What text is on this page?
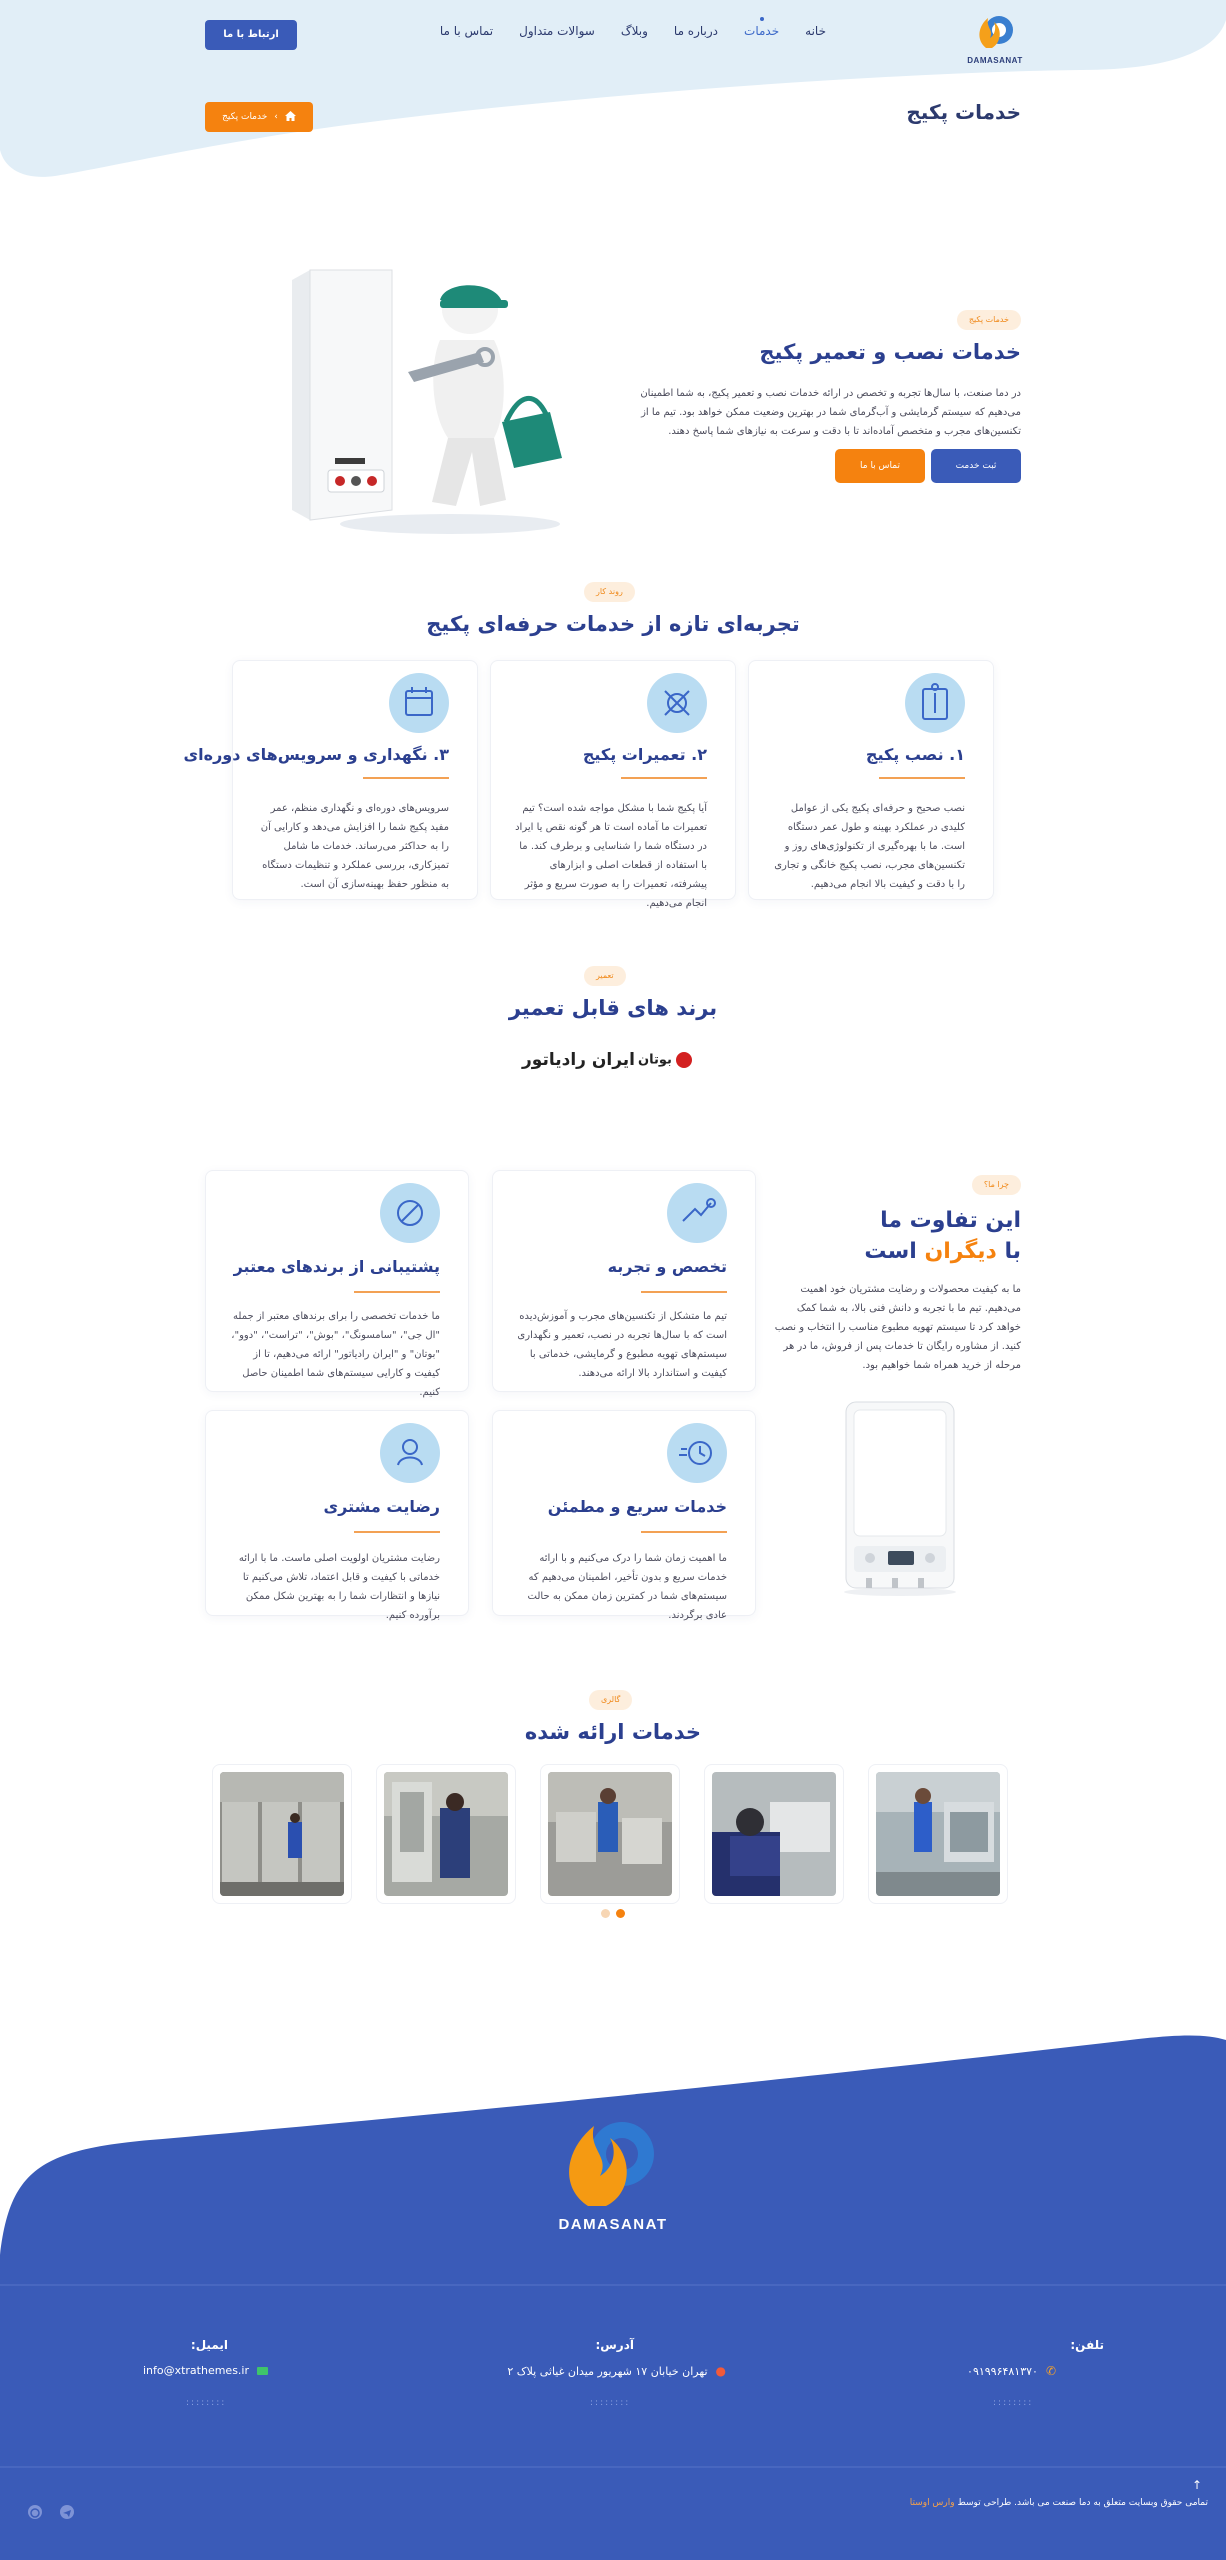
DAMASANAT
خانه
خدمات
درباره ما
وبلاگ
سوالات متداول
تماس با ما
ارتباط با ما
خدمات پکیج
›
خدمات پکیج
خدمات پکیج
خدمات نصب و تعمیر پکیج

در دما صنعت، با سال‌ها تجربه و تخصص در ارائه خدمات نصب و تعمیر پکیج، به شما اطمینان می‌دهیم که سیستم گرمایشی و آب‌گرمای شما در بهترین وضعیت ممکن خواهد بود. تیم ما از تکنسین‌های مجرب و متخصص آماده‌اند تا با دقت و سرعت به نیازهای شما پاسخ دهند.

ثبت خدمت
تماس با ما
روند کار
تجربه‌ای تازه از خدمات حرفه‌ای پکیج
۱. نصب پکیج
نصب صحیح و حرفه‌ای پکیج یکی از عوامل کلیدی در عملکرد بهینه و طول عمر دستگاه است. ما با بهره‌گیری از تکنولوژی‌های روز و تکنسین‌های مجرب، نصب پکیج خانگی و تجاری را با دقت و کیفیت بالا انجام می‌دهیم.
۲. تعمیرات پکیج
آیا پکیج شما با مشکل مواجه شده است؟ تیم تعمیرات ما آماده است تا هر گونه نقص یا ایراد در دستگاه شما را شناسایی و برطرف کند. ما با استفاده از قطعات اصلی و ابزارهای پیشرفته، تعمیرات را به صورت سریع و مؤثر انجام می‌دهیم.
۳. نگهداری و سرویس‌های دوره‌ای
سرویس‌های دوره‌ای و نگهداری منظم، عمر مفید پکیج شما را افزایش می‌دهد و کارایی آن را به حداکثر می‌رساند. خدمات ما شامل تمیزکاری، بررسی عملکرد و تنظیمات دستگاه به منظور حفظ بهینه‌سازی آن است.
تعمیر
برند های قابل تعمیر
بوتان
ایران رادیاتور
چرا ما؟
این تفاوت ما
با دیگران است

ما به کیفیت محصولات و رضایت مشتریان خود اهمیت می‌دهیم. تیم ما با تجربه و دانش فنی بالا، به شما کمک خواهد کرد تا سیستم تهویه مطبوع مناسب را انتخاب و نصب کنید. از مشاوره رایگان تا خدمات پس از فروش، ما در هر مرحله از خرید همراه شما خواهیم بود.

تخصص و تجربه
تیم ما متشکل از تکنسین‌های مجرب و آموزش‌دیده است که با سال‌ها تجربه در نصب، تعمیر و نگهداری سیستم‌های تهویه مطبوع و گرمایشی، خدماتی با کیفیت و استاندارد بالا ارائه می‌دهند.
پشتیبانی از برندهای معتبر
ما خدمات تخصصی را برای برندهای معتبر از جمله "ال جی"، "سامسونگ"، "بوش"، "تراست"، "دوو"، "بوتان" و "ایران رادیاتور" ارائه می‌دهیم، تا از کیفیت و کارایی سیستم‌های شما اطمینان حاصل کنیم.
خدمات سریع و مطمئن
ما اهمیت زمان شما را درک می‌کنیم و با ارائه خدمات سریع و بدون تأخیر، اطمینان می‌دهیم که سیستم‌های شما در کمترین زمان ممکن به حالت عادی برگردند.
رضایت مشتری
رضایت مشتریان اولویت اصلی ماست. ما با ارائه خدماتی با کیفیت و قابل اعتماد، تلاش می‌کنیم تا نیازها و انتظارات شما را به بهترین شکل ممکن برآورده کنیم.
گالری
خدمات ارائه شده
DAMASANAT
تلفن:
✆
۰۹۱۹۹۶۴۸۱۳۷۰
::::::::
آدرس:
●
تهران خیابان ۱۷ شهریور میدان غیاثی پلاک ۲
::::::::
ایمیل:
info@xtrathemes.ir
::::::::
↑
تمامی حقوق وبسایت متعلق به دما صنعت می باشد. طراحی توسط وارس اوستا
